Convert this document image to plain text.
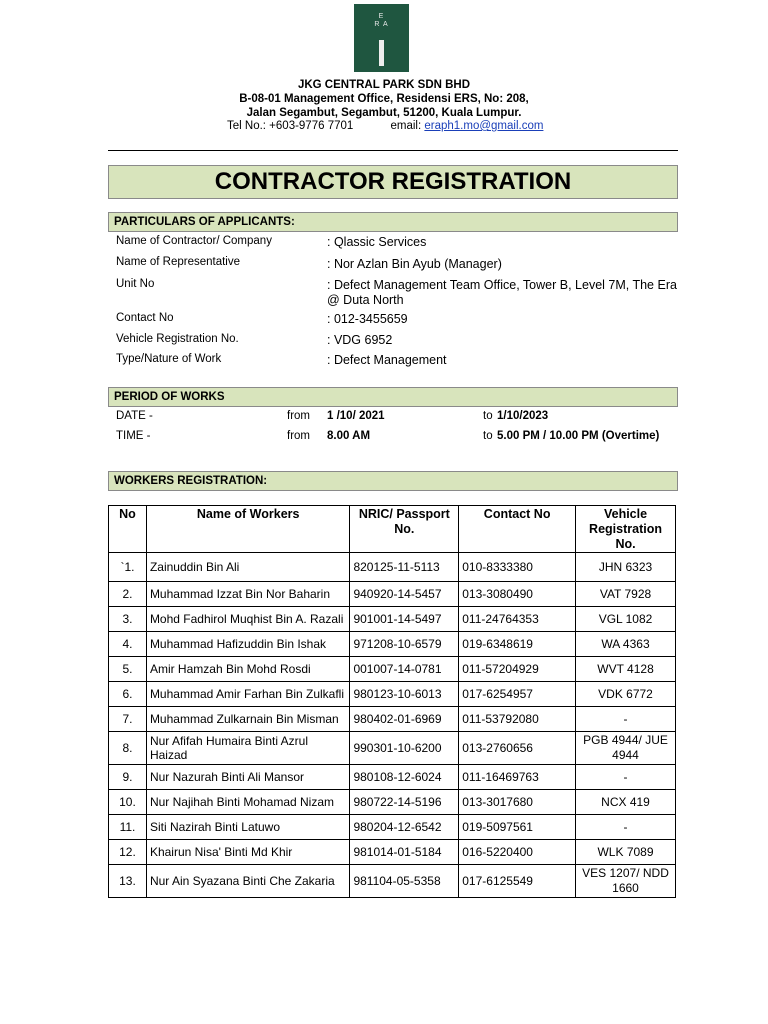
E
R A
JKG CENTRAL PARK SDN BHD
B-08-01 Management Office, Residensi ERS, No: 208,
Jalan Segambut, Segambut, 51200, Kuala Lumpur.
Tel No.: +603-9776 7701	email: eraph1.mo@gmail.com
CONTRACTOR REGISTRATION
PARTICULARS OF APPLICANTS:
Name of Contractor/ Company	: Qlassic Services
Name of Representative	: Nor Azlan Bin Ayub (Manager)
Unit No	: Defect Management Team Office, Tower B, Level 7M, The Era @ Duta North
Contact No	: 012-3455659
Vehicle Registration No.	: VDG 6952
Type/Nature of Work	: Defect Management
PERIOD OF WORKS
DATE -	from 1 /10/ 2021	to 1/10/2023
TIME -	from 8.00 AM	to 5.00 PM / 10.00 PM (Overtime)
WORKERS REGISTRATION:
No	Name of Workers	NRIC/ Passport No.	Contact No	Vehicle Registration No.
`1.	Zainuddin Bin Ali	820125-11-5113	010-8333380	JHN 6323
2.	Muhammad Izzat Bin Nor Baharin	940920-14-5457	013-3080490	VAT 7928
3.	Mohd Fadhirol Muqhist Bin A. Razali	901001-14-5497	011-24764353	VGL 1082
4.	Muhammad Hafizuddin Bin Ishak	971208-10-6579	019-6348619	WA 4363
5.	Amir Hamzah Bin Mohd Rosdi	001007-14-0781	011-57204929	WVT 4128
6.	Muhammad Amir Farhan Bin Zulkafli	980123-10-6013	017-6254957	VDK 6772
7.	Muhammad Zulkarnain Bin Misman	980402-01-6969	011-53792080	-
8.	Nur Afifah Humaira Binti Azrul Haizad	990301-10-6200	013-2760656	PGB 4944/ JUE 4944
9.	Nur Nazurah Binti Ali Mansor	980108-12-6024	011-16469763	-
10.	Nur Najihah Binti Mohamad Nizam	980722-14-5196	013-3017680	NCX 419
11.	Siti Nazirah Binti Latuwo	980204-12-6542	019-5097561	-
12.	Khairun Nisa' Binti Md Khir	981014-01-5184	016-5220400	WLK 7089
13.	Nur Ain Syazana Binti Che Zakaria	981104-05-5358	017-6125549	VES 1207/ NDD 1660
